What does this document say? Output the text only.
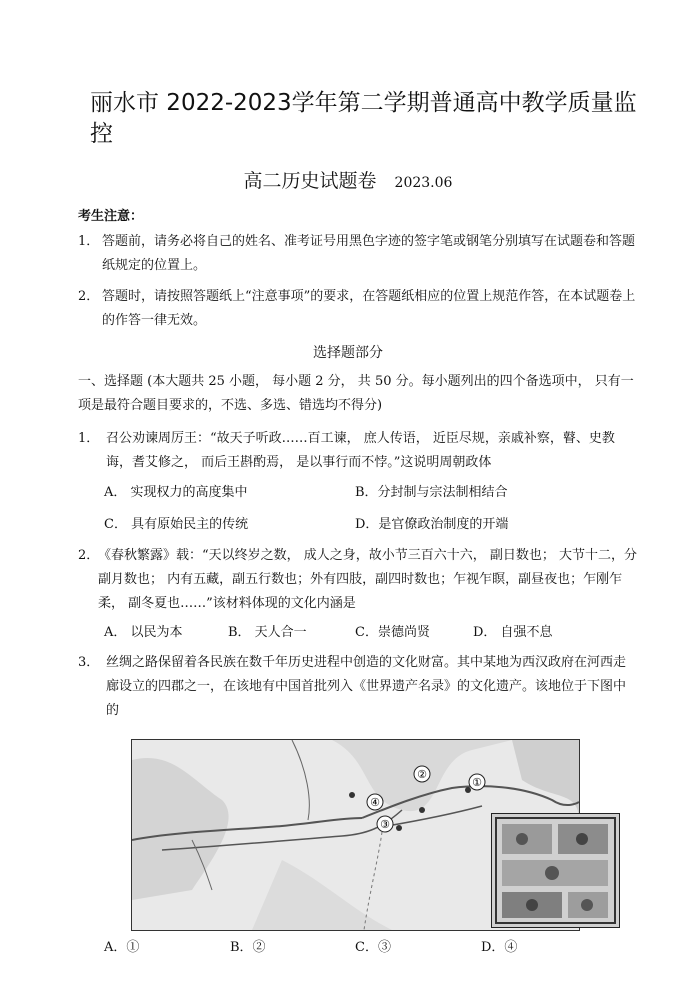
丽水市 2022-2023学年第二学期普通高中教学质量监控
高二历史试题卷 2023.06
考生注意：
1． 答题前，请务必将自己的姓名、准考证号用黑色字迹的签字笔或钢笔分别填写在试题卷和答题纸规定的位置上。
2． 答题时，请按照答题纸上“注意事项”的要求，在答题纸相应的位置上规范作答，在本试题卷上的作答一律无效。
选择题部分
一、选择题 (本大题共 25 小题， 每小题 2 分， 共 50 分。每小题列出的四个备选项中， 只有一项是最符合题目要求的，不选、多选、错选均不得分)
1． 召公劝谏周厉王：“故天子听政……百工谏， 庶人传语， 近臣尽规，亲戚补察，瞽、史教诲，耆艾修之， 而后王斟酌焉， 是以事行而不悖。”这说明周朝政体
A． 实现权力的高度集中	B．分封制与宗法制相结合
C． 具有原始民主的传统	D．是官僚政治制度的开端
2．
《春秋繁露》载：“天以终岁之数， 成人之身，故小节三百六十六， 副日数也； 大节十二，分副月数也； 内有五藏，副五行数也；外有四肢，副四时数也；乍视乍瞑，副昼夜也；乍刚乍柔， 副冬夏也……”该材料体现的文化内涵是
A． 以民为本	B． 天人合一	C．崇德尚贤	D． 自强不息
3． 丝绸之路保留着各民族在数千年历史进程中创造的文化财富。其中某地为西汉政府在河西走廊设立的四郡之一，在该地有中国首批列入《世界遗产名录》的文化遗产。该地位于下图中的
①
②
③
④
A．①	B．②	C．③	D．④
